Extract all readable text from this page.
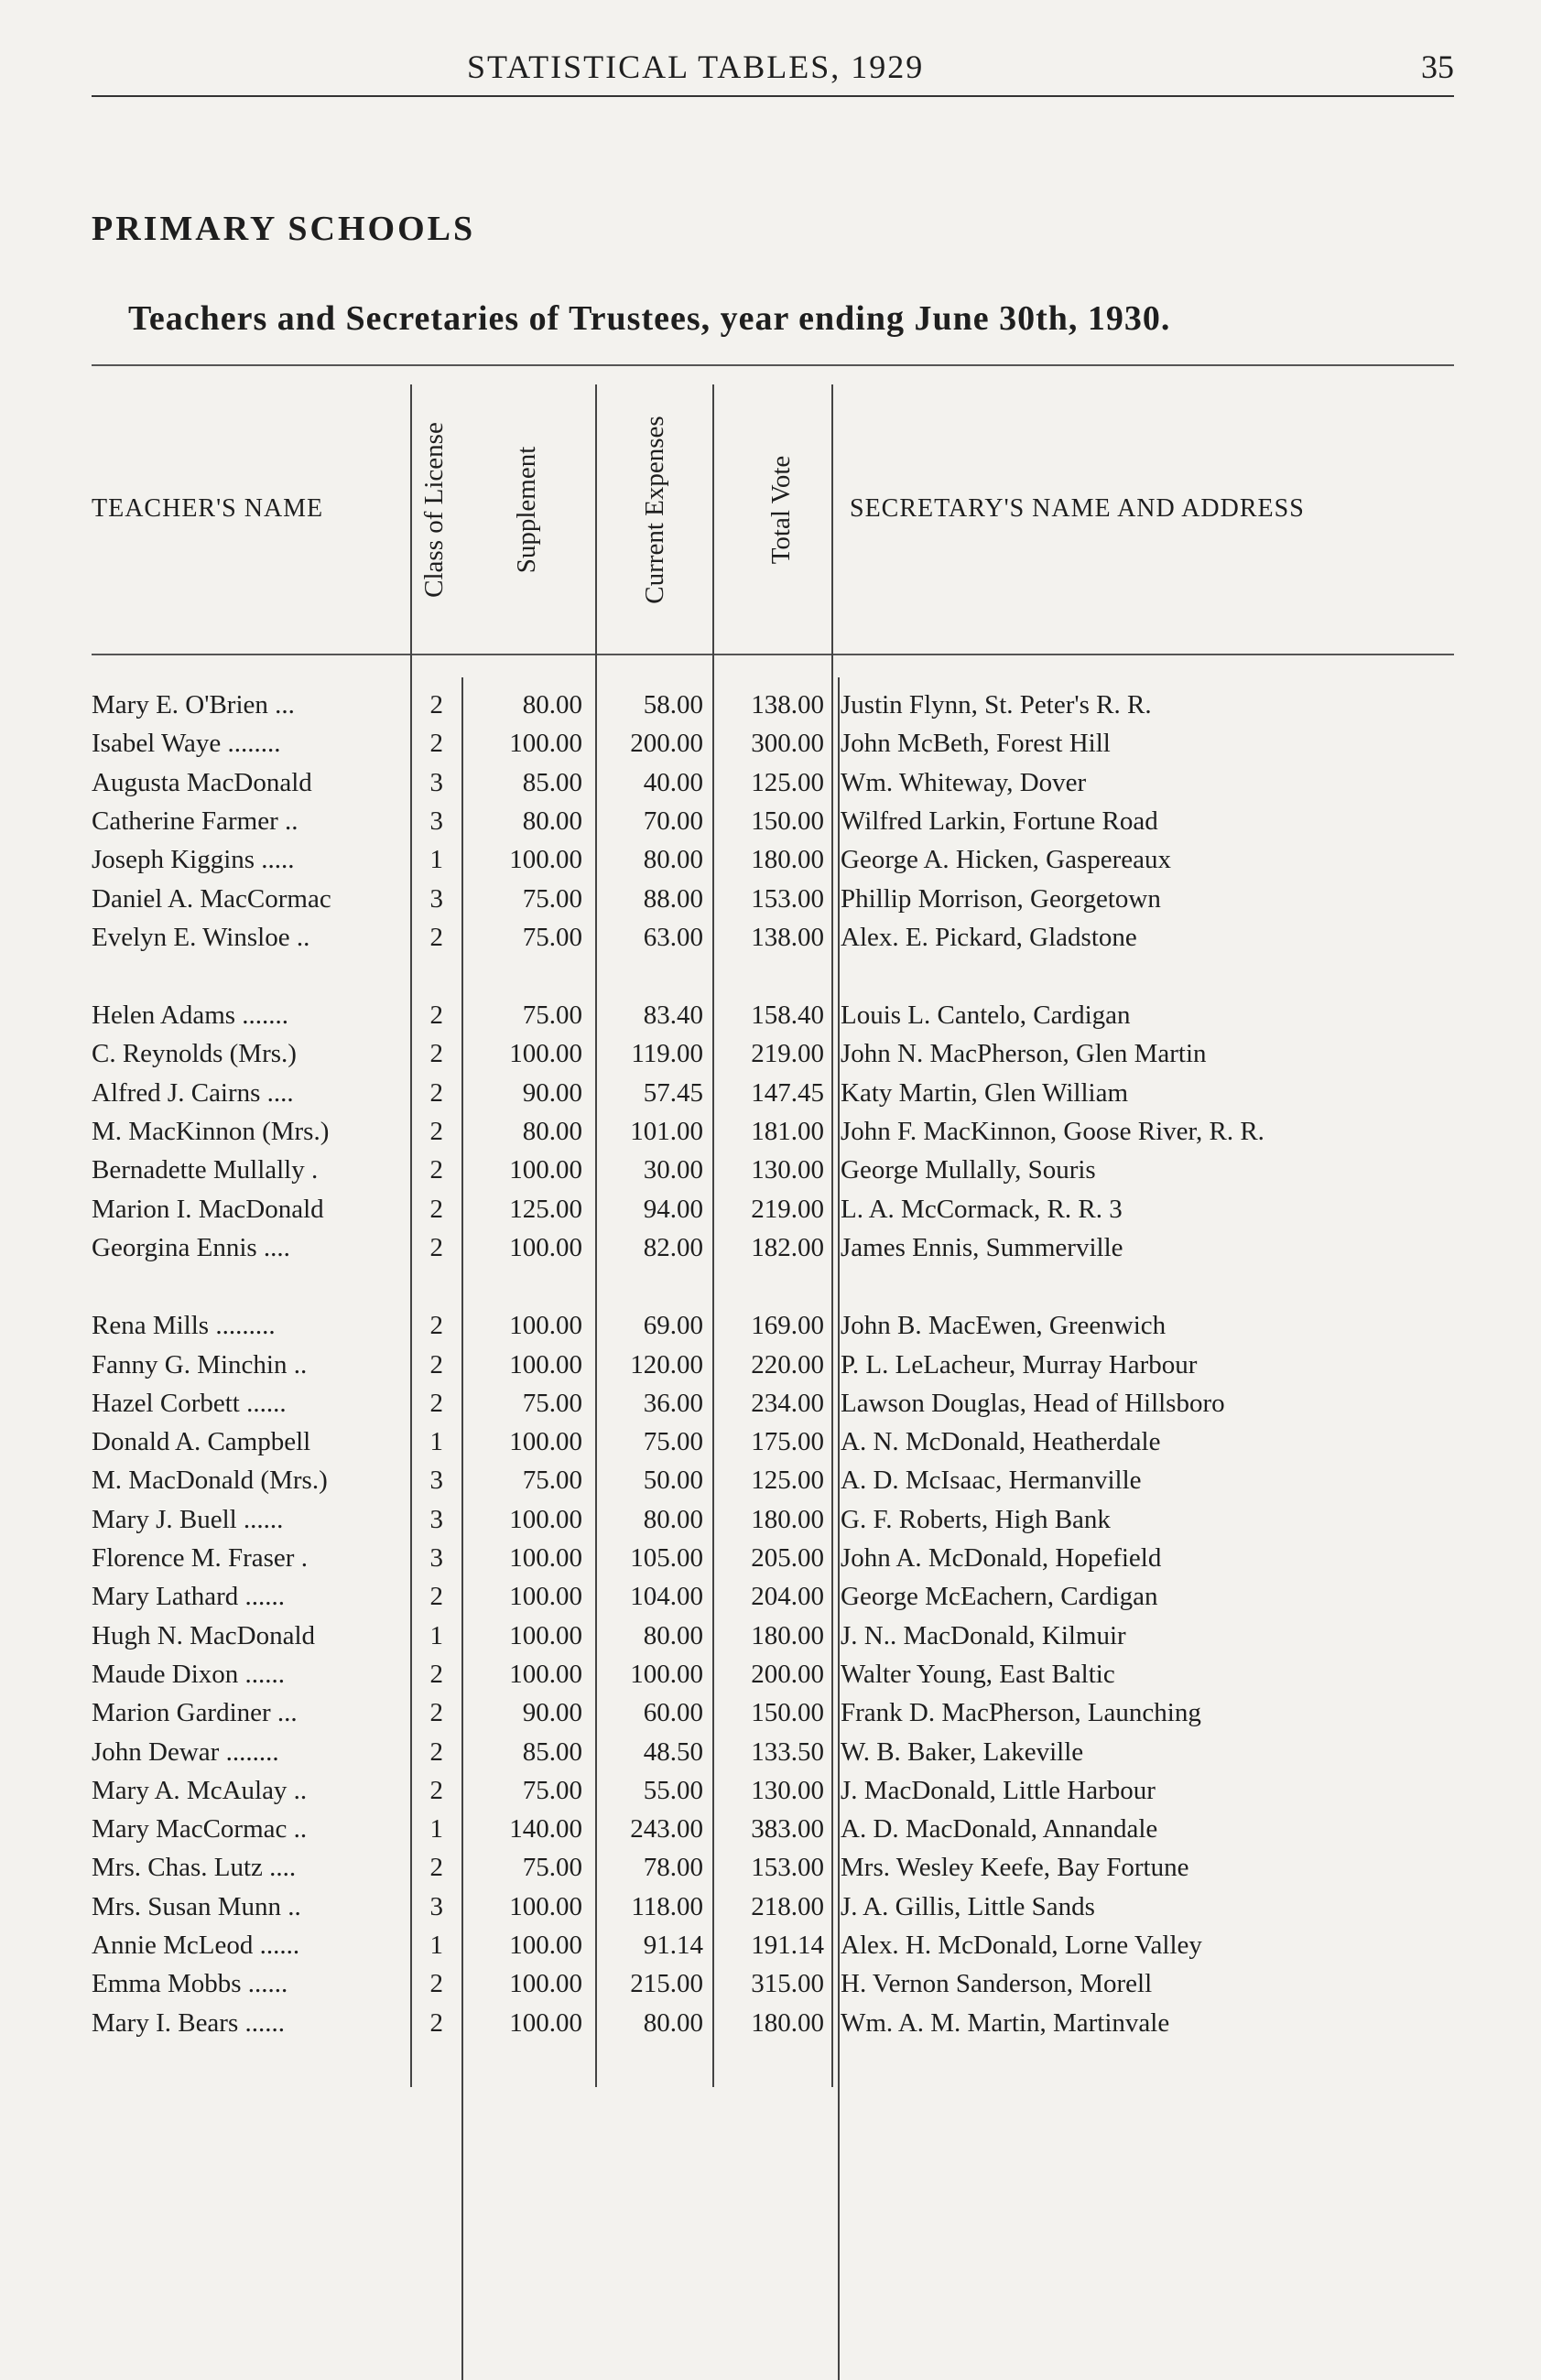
STATISTICAL TABLES, 1929	35
PRIMARY SCHOOLS
Teachers and Secretaries of Trustees, year ending June 30th, 1930.
TEACHER'S NAME	Class of License Supplement	Current Expenses	Total Vote SECRETARY'S NAME AND ADDRESS
Mary E. O'Brien ...	2	80.00	58.00	138.00 Justin Flynn, St. Peter's R. R.
Isabel Waye ........	2	100.00	200.00	300.00 John McBeth, Forest Hill
Augusta MacDonald	3	85.00	40.00	125.00 Wm. Whiteway, Dover
Catherine Farmer ..	3	80.00	70.00	150.00 Wilfred Larkin, Fortune Road
Joseph Kiggins .....	1	100.00	80.00	180.00 George A. Hicken, Gaspereaux
Daniel A. MacCormac	3	75.00	88.00	153.00 Phillip Morrison, Georgetown
Evelyn E. Winsloe ..	2	75.00	63.00	138.00 Alex. E. Pickard, Gladstone
Helen Adams .......	2	75.00	83.40	158.40 Louis L. Cantelo, Cardigan
C. Reynolds (Mrs.)	2	100.00	119.00	219.00 John N. MacPherson, Glen Martin
Alfred J. Cairns ....	2	90.00	57.45	147.45 Katy Martin, Glen William
M. MacKinnon (Mrs.)	2	80.00	101.00	181.00 John F. MacKinnon, Goose River, R. R.
Bernadette Mullally .	2	100.00	30.00	130.00 George Mullally, Souris
Marion I. MacDonald	2	125.00	94.00	219.00 L. A. McCormack, R. R. 3
Georgina Ennis ....	2	100.00	82.00	182.00 James Ennis, Summerville
Rena Mills .........	2	100.00	69.00	169.00 John B. MacEwen, Greenwich
Fanny G. Minchin ..	2	100.00	120.00	220.00 P. L. LeLacheur, Murray Harbour
Hazel Corbett ......	2	75.00	36.00	234.00 Lawson Douglas, Head of Hillsboro
Donald A. Campbell	1	100.00	75.00	175.00 A. N. McDonald, Heatherdale
M. MacDonald (Mrs.)	3	75.00	50.00	125.00 A. D. McIsaac, Hermanville
Mary J. Buell ......	3	100.00	80.00	180.00 G. F. Roberts, High Bank
Florence M. Fraser .	3	100.00	105.00	205.00 John A. McDonald, Hopefield
Mary Lathard ......	2	100.00	104.00	204.00 George McEachern, Cardigan
Hugh N. MacDonald	1	100.00	80.00	180.00 J. N.. MacDonald, Kilmuir
Maude Dixon ......	2	100.00	100.00	200.00 Walter Young, East Baltic
Marion Gardiner ...	2	90.00	60.00	150.00 Frank D. MacPherson, Launching
John Dewar ........	2	85.00	48.50	133.50 W. B. Baker, Lakeville
Mary A. McAulay ..	2	75.00	55.00	130.00 J. MacDonald, Little Harbour
Mary MacCormac ..	1	140.00	243.00	383.00 A. D. MacDonald, Annandale
Mrs. Chas. Lutz ....	2	75.00	78.00	153.00 Mrs. Wesley Keefe, Bay Fortune
Mrs. Susan Munn ..	3	100.00	118.00	218.00 J. A. Gillis, Little Sands
Annie McLeod ......	1	100.00	91.14	191.14 Alex. H. McDonald, Lorne Valley
Emma Mobbs ......	2	100.00	215.00	315.00 H. Vernon Sanderson, Morell
Mary I. Bears ......	2	100.00	80.00	180.00 Wm. A. M. Martin, Martinvale
